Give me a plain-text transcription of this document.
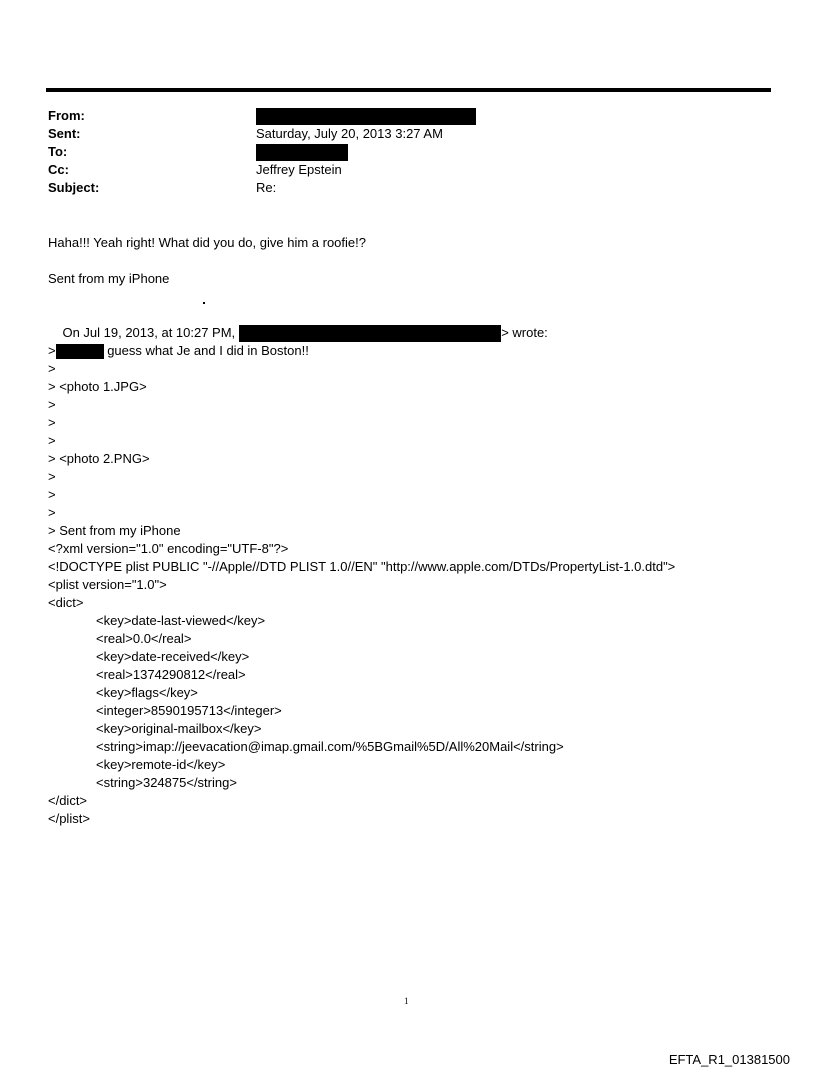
From:
Sent:	Saturday, July 20, 2013 3:27 AM
To:
Cc:	Jeffrey Epstein
Subject:	Re:
Haha!!! Yeah right! What did you do, give him a roofie!?
Sent from my iPhone

On Jul 19, 2013, at 10:27 PM,	> wrote:

>	guess what Je and I did in Boston!!
>
> <photo 1.JPG>
>
>
>
> <photo 2.PNG>
>
>
>
> Sent from my iPhone
<?xml version="1.0" encoding="UTF-8"?>
<!DOCTYPE plist PUBLIC "-//Apple//DTD PLIST 1.0//EN" "http://www.apple.com/DTDs/PropertyList-1.0.dtd">
<plist version="1.0">
<dict>
<key>date-last-viewed</key>
<real>0.0</real>
<key>date-received</key>
<real>1374290812</real>
<key>flags</key>
<integer>8590195713</integer>
<key>original-mailbox</key>
<string>imap://jeevacation@imap.gmail.com/%5BGmail%5D/All%20Mail</string>
<key>remote-id</key>
<string>324875</string>
</dict>
</plist>
1
EFTA_R1_01381500
